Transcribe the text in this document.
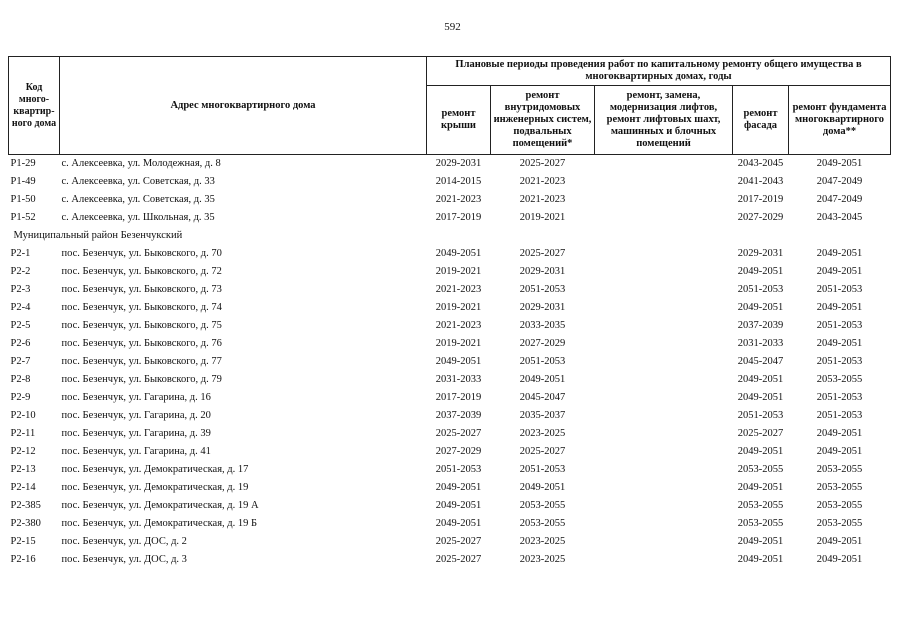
592
Код много-квартир-ного дома	Адрес многоквартирного дома	Плановые периоды проведения работ по капитальному ремонту общего имущества в многоквартирных домах, годы				
		ремонт крыши	ремонт внутридомовых инженерных систем, подвальных помещений*	ремонт, замена, модернизация лифтов, ремонт лифтовых шахт, машинных и блочных помещений	ремонт фасада	ремонт фундамента многоквартирного дома**
P1-29	с. Алексеевка, ул. Молодежная, д. 8	2029-2031	2025-2027		2043-2045	2049-2051
P1-49	с. Алексеевка, ул. Советская, д. 33	2014-2015	2021-2023		2041-2043	2047-2049
P1-50	с. Алексеевка, ул. Советская, д. 35	2021-2023	2021-2023		2017-2019	2047-2049
P1-52	с. Алексеевка, ул. Школьная, д. 35	2017-2019	2019-2021		2027-2029	2043-2045
Муниципальный район Безенчукский						
P2-1	пос. Безенчук, ул. Быковского, д. 70	2049-2051	2025-2027		2029-2031	2049-2051
P2-2	пос. Безенчук, ул. Быковского, д. 72	2019-2021	2029-2031		2049-2051	2049-2051
P2-3	пос. Безенчук, ул. Быковского, д. 73	2021-2023	2051-2053		2051-2053	2051-2053
P2-4	пос. Безенчук, ул. Быковского, д. 74	2019-2021	2029-2031		2049-2051	2049-2051
P2-5	пос. Безенчук, ул. Быковского, д. 75	2021-2023	2033-2035		2037-2039	2051-2053
P2-6	пос. Безенчук, ул. Быковского, д. 76	2019-2021	2027-2029		2031-2033	2049-2051
P2-7	пос. Безенчук, ул. Быковского, д. 77	2049-2051	2051-2053		2045-2047	2051-2053
P2-8	пос. Безенчук, ул. Быковского, д. 79	2031-2033	2049-2051		2049-2051	2053-2055
P2-9	пос. Безенчук, ул. Гагарина, д. 16	2017-2019	2045-2047		2049-2051	2051-2053
P2-10	пос. Безенчук, ул. Гагарина, д. 20	2037-2039	2035-2037		2051-2053	2051-2053
P2-11	пос. Безенчук, ул. Гагарина, д. 39	2025-2027	2023-2025		2025-2027	2049-2051
P2-12	пос. Безенчук, ул. Гагарина, д. 41	2027-2029	2025-2027		2049-2051	2049-2051
P2-13	пос. Безенчук, ул. Демократическая, д. 17	2051-2053	2051-2053		2053-2055	2053-2055
P2-14	пос. Безенчук, ул. Демократическая, д. 19	2049-2051	2049-2051		2049-2051	2053-2055
P2-385	пос. Безенчук, ул. Демократическая, д. 19 А	2049-2051	2053-2055		2053-2055	2053-2055
P2-380	пос. Безенчук, ул. Демократическая, д. 19 Б	2049-2051	2053-2055		2053-2055	2053-2055
P2-15	пос. Безенчук, ул. ДОС, д. 2	2025-2027	2023-2025		2049-2051	2049-2051
P2-16	пос. Безенчук, ул. ДОС, д. 3	2025-2027	2023-2025		2049-2051	2049-2051
